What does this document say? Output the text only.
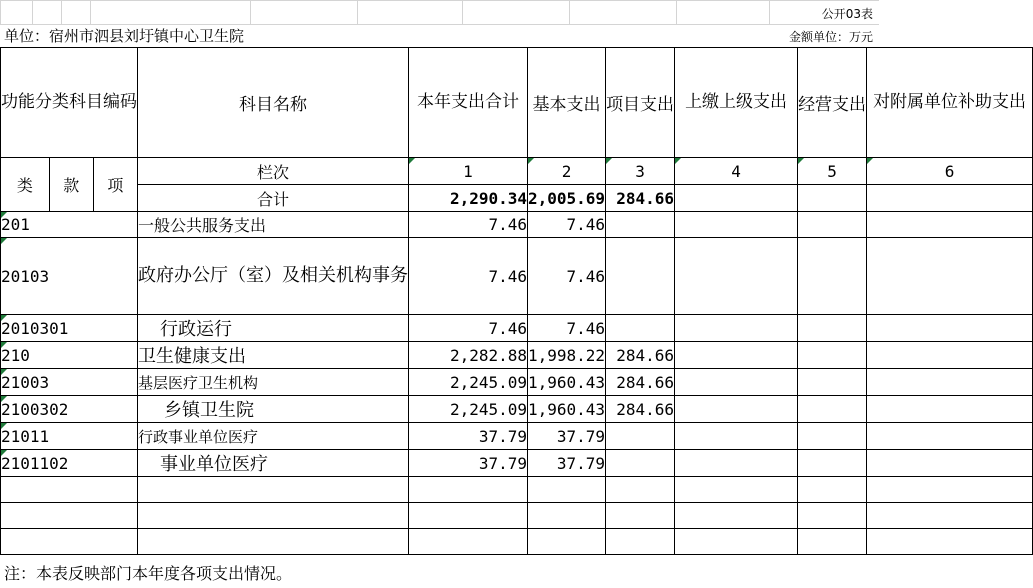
公开03表
单位：宿州市泗县刘圩镇中心卫生院	金额单位：万元
功能分类科目编码			科目名称	本年支出合计	基本支出	项目支出	上缴上级支出	经营支出	对附属单位补助支出
类	款	项	栏次	1	2	3	4	5	6
			合计	2,290.34	2,005.69	284.66			

201			一般公共服务支出	7.46	7.46				

20103			政府办公厅（室）及相关机构事务	7.46	7.46				

2010301			行政运行	7.46	7.46				

210			卫生健康支出	2,282.88	1,998.22	284.66			

21003			基层医疗卫生机构	2,245.09	1,960.43	284.66			

2100302			乡镇卫生院	2,245.09	1,960.43	284.66			

21011			行政事业单位医疗	37.79	37.79				

2101102			事业单位医疗	37.79	37.79				

注：本表反映部门本年度各项支出情况。
